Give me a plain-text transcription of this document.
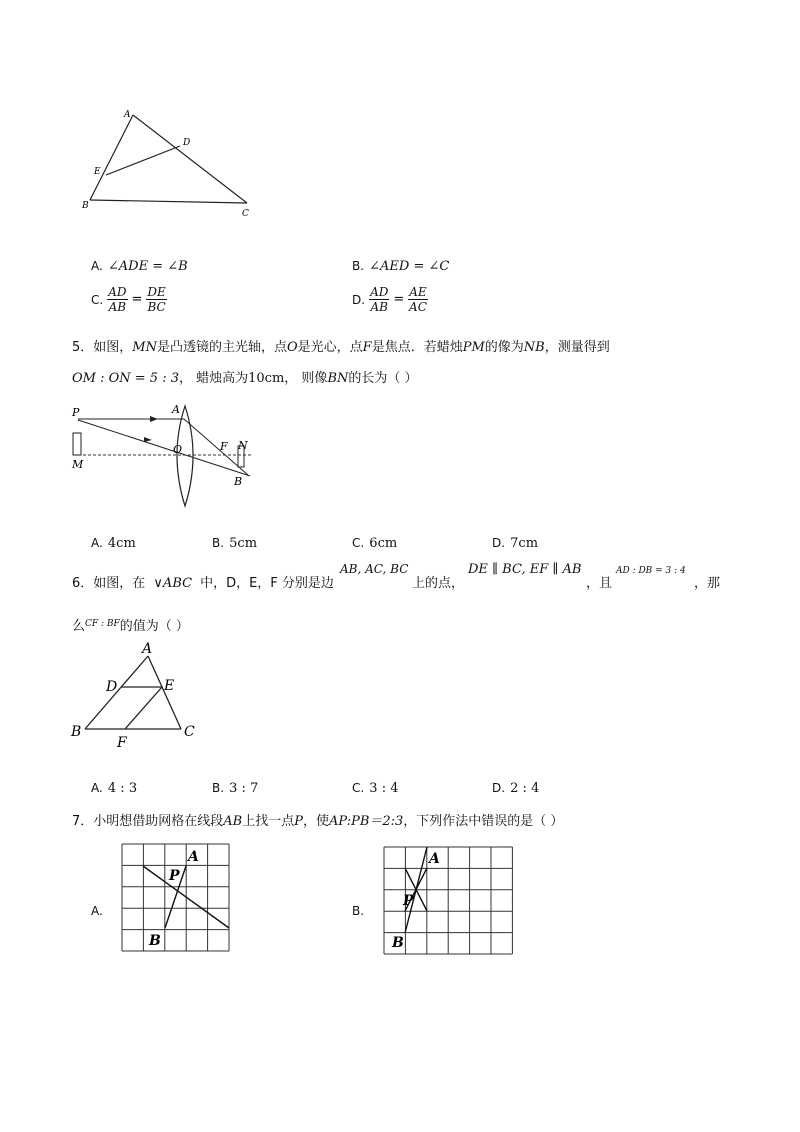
A
D
E
B
C
A. ∠ADE = ∠B	B. ∠AED = ∠C
C. $\frac{AD}{AB} = \frac{DE}{BC}$	D. $\frac{AD}{AB} = \frac{AE}{AC}$
5．如图，MN是凸透镜的主光轴，点O是光心，点F是焦点．若蜡烛PM的像为NB，测量得到
OM : ON = 5 : 3， 蜡烛高为10cm， 则像BN的长为（ ）
P
M
A
O	F N
B
A. 4cm	B. 5cm	C. 6cm	D. 7cm
6．如图，在 ∨ABC 中，D，E，F 分别是边
AB, AC, BC
上的点，
DE ∥ BC, EF ∥ AB
，且
AD : DB = 3 : 4
，那
么$^{CF : BF}$的值为（ ）
A
D	E
B
F
C
A. 4 : 3	B. 3 : 7	C. 3 : 4	D. 2 : 4
7．小明想借助网格在线段AB上找一点P，使AP:PB＝2:3，下列作法中错误的是（ ）
A.
A
P
B
B.
A
P
B
